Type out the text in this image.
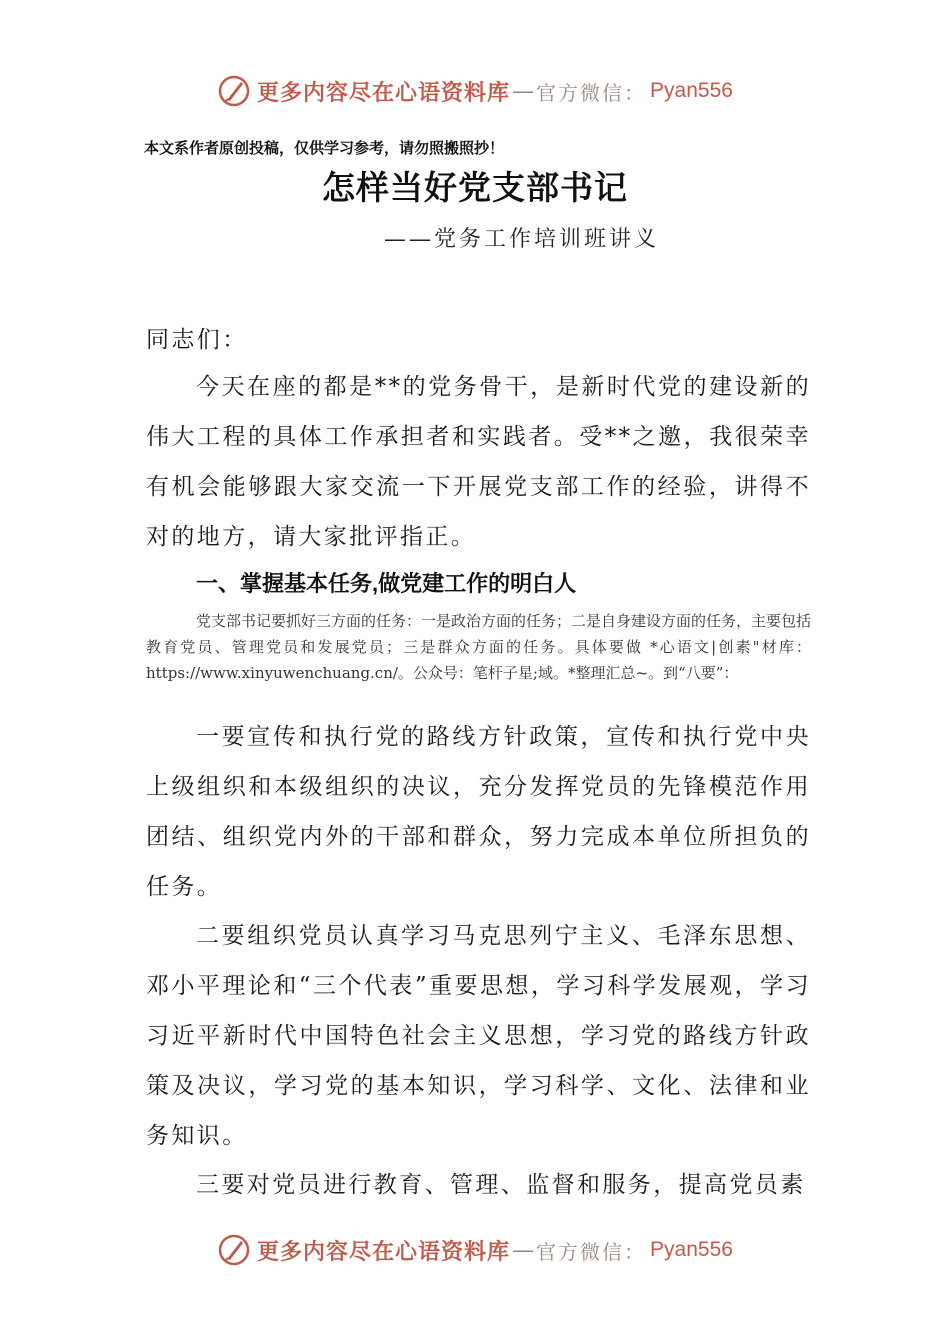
更多内容尽在心语资料库 — 官方微信： Pyan556
本文系作者原创投稿，仅供学习参考，请勿照搬照抄！
怎样当好党支部书记
——党务工作培训班讲义

同志们：

今天在座的都是**的党务骨干，是新时代党的建设新的伟大工程的具体工作承担者和实践者。受**之邀，我很荣幸有机会能够跟大家交流一下开展党支部工作的经验，讲得不对的地方，请大家批评指正。

一、掌握基本任务,做党建工作的明白人

党支部书记要抓好三方面的任务：一是政治方面的任务；二是自身建设方面的任务，主要包括教育党员、管理党员和发展党员；三是群众方面的任务。具体要做 *心语文|创素"材库：https://www.xinyuwenchuang.cn/。公众号：笔杆子星;域。*整理汇总~。到“八要”：

一要宣传和执行党的路线方针政策，宣传和执行党中央上级组织和本级组织的决议，充分发挥党员的先锋模范作用团结、组织党内外的干部和群众，努力完成本单位所担负的任务。

二要组织党员认真学习马克思列宁主义、毛泽东思想、邓小平理论和“三个代表”重要思想，学习科学发展观，学习习近平新时代中国特色社会主义思想，学习党的路线方针政策及决议，学习党的基本知识，学习科学、文化、法律和业务知识。

三要对党员进行教育、管理、监督和服务，提高党员素

更多内容尽在心语资料库 — 官方微信： Pyan556
